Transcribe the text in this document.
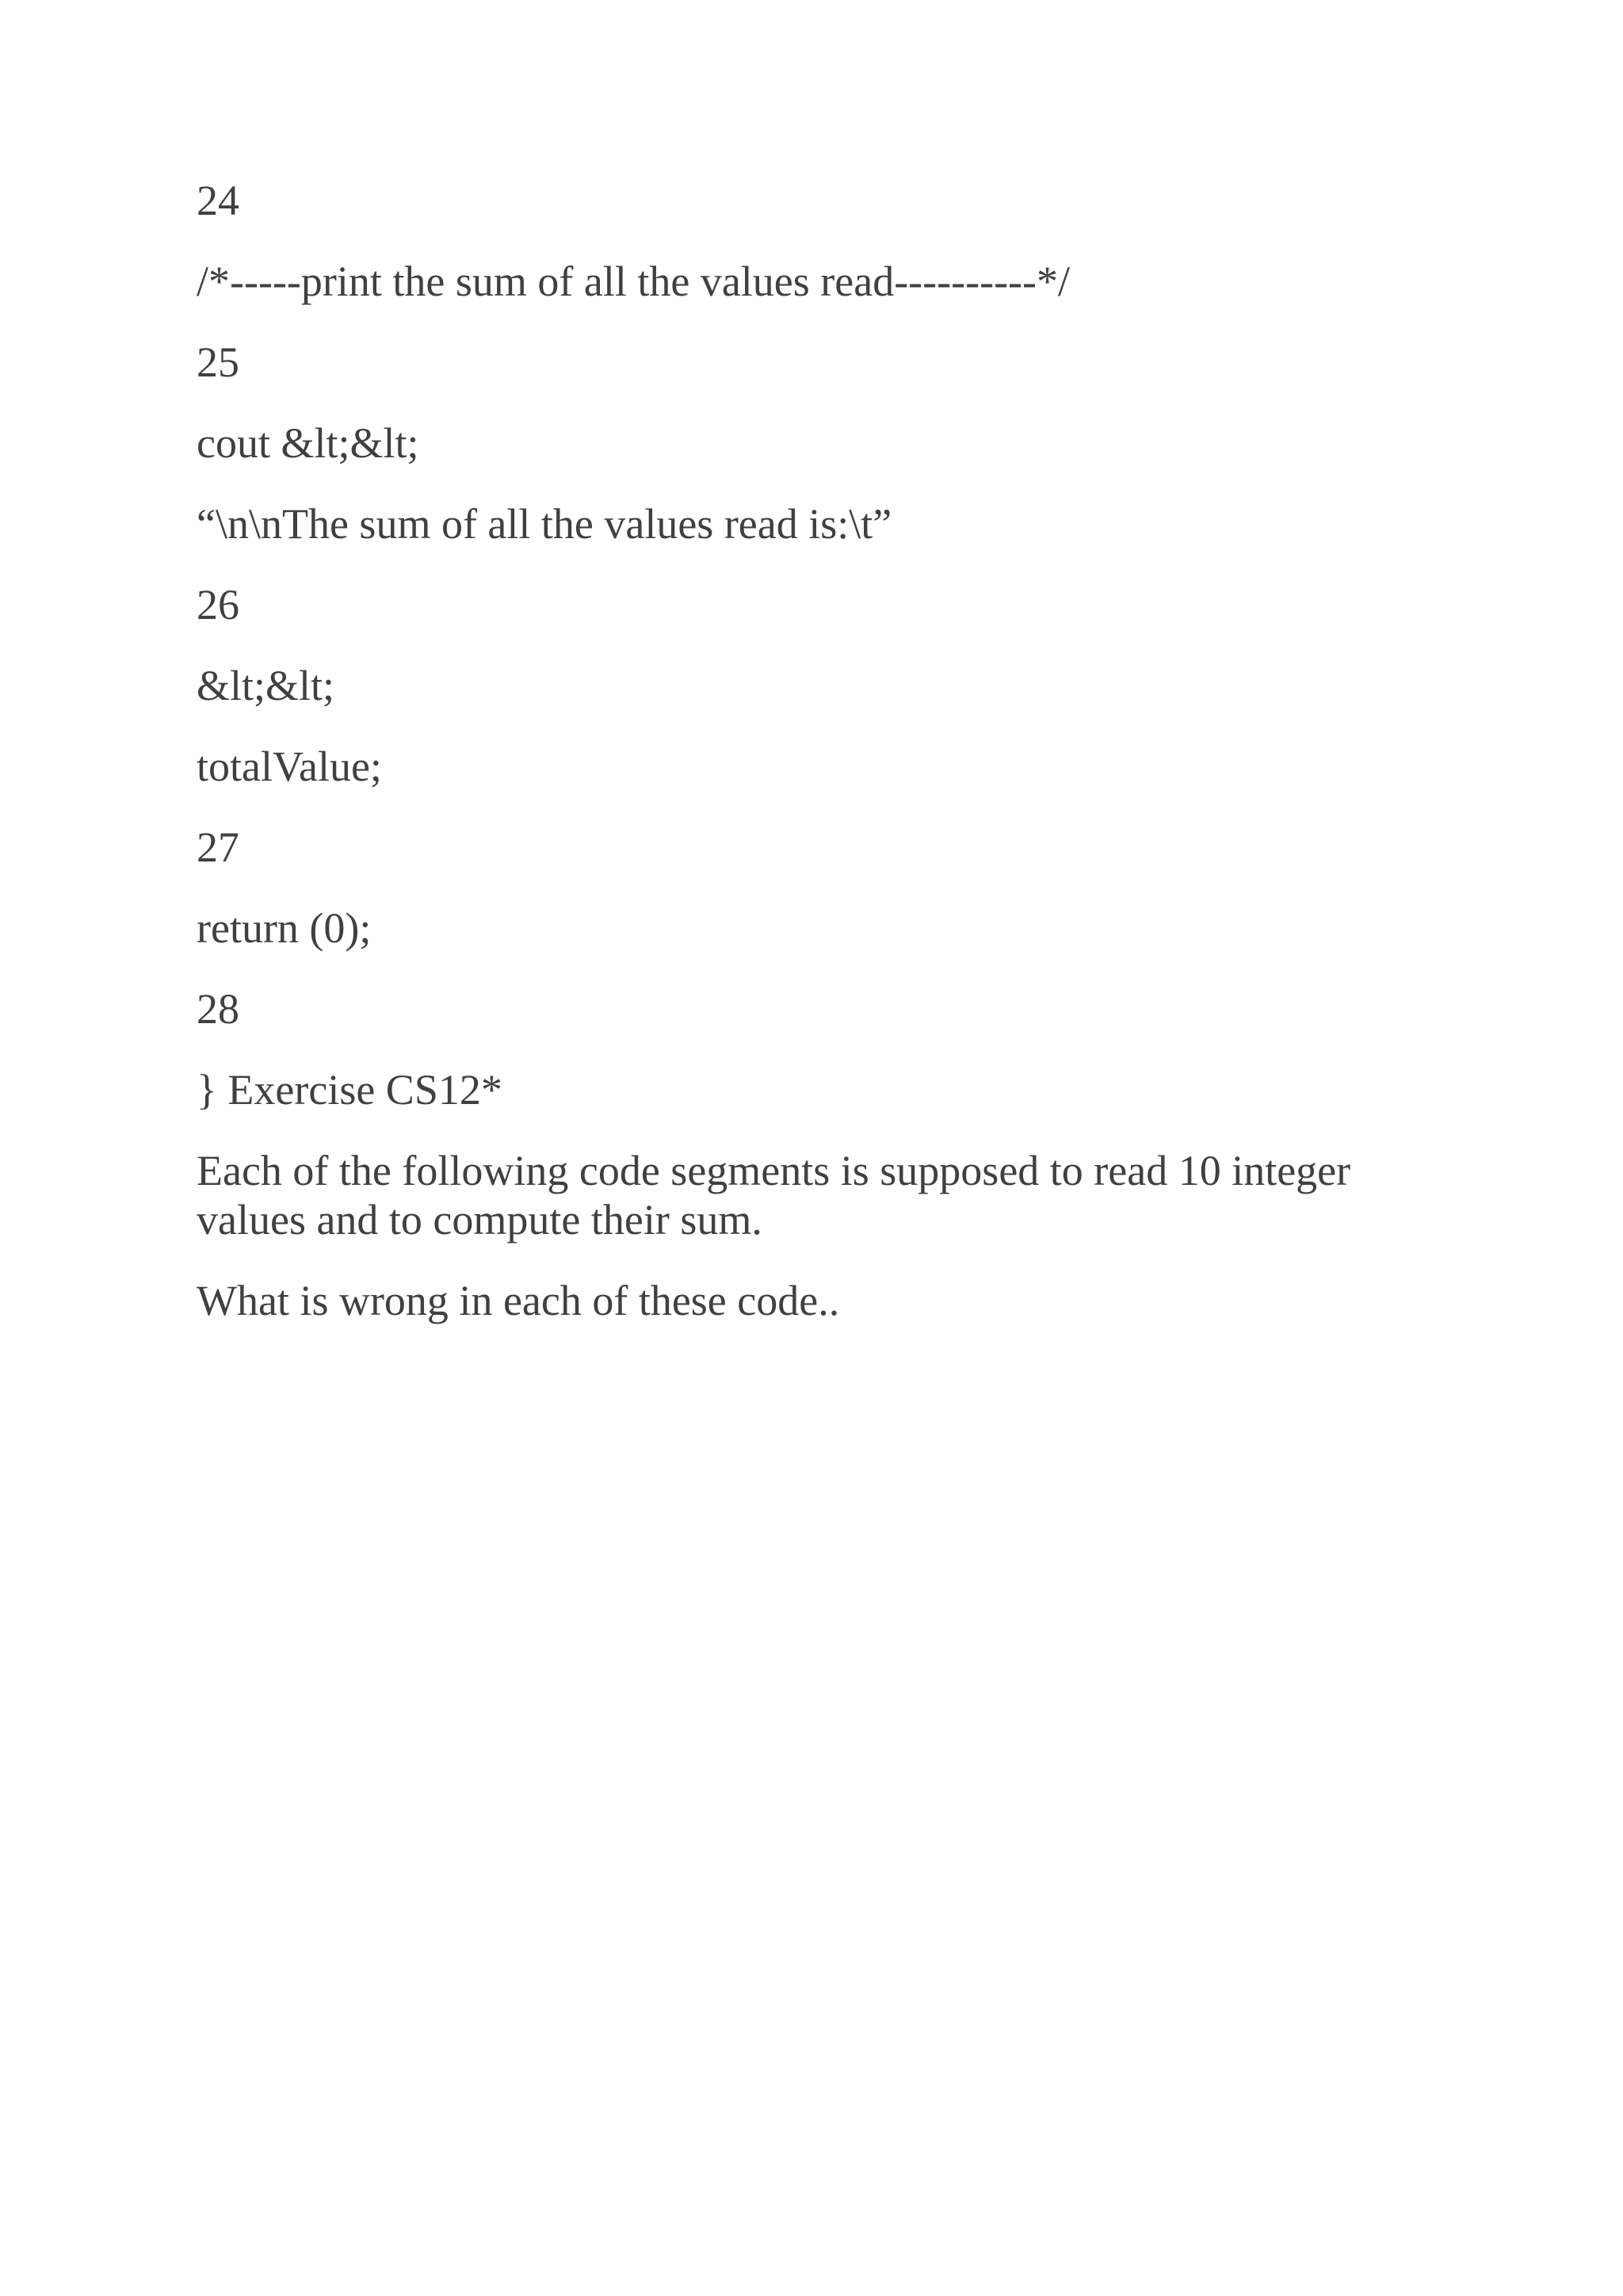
24
/*-----print the sum of all the values read----------*/
25
cout &lt;&lt;
“\n\nThe sum of all the values read is:\t”
26
&lt;&lt;
totalValue;
27
return (0);
28
} Exercise CS12*
Each of the following code segments is supposed to read 10 integer values and to compute their sum.
What is wrong in each of these code..
